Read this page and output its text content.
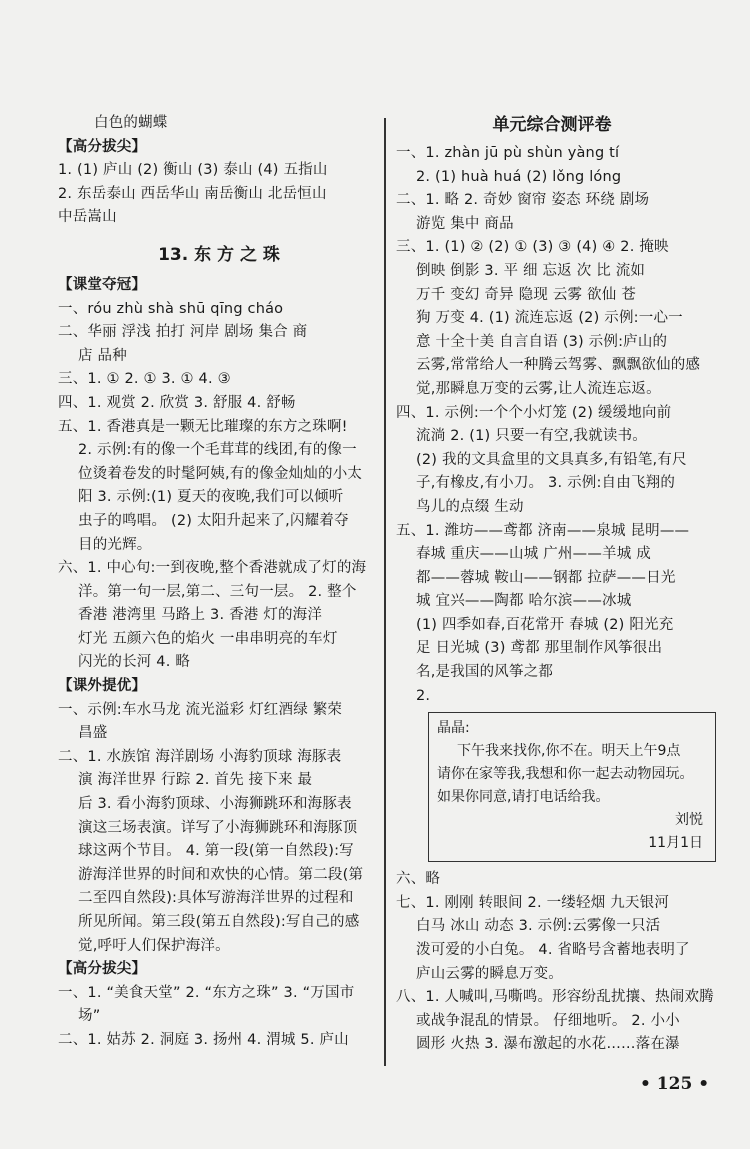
白色的蝴蝶
【高分拔尖】
1. (1) 庐山 (2) 衡山 (3) 泰山 (4) 五指山
2. 东岳泰山 西岳华山 南岳衡山 北岳恒山
中岳嵩山
13. 东 方 之 珠
【课堂夺冠】
一、róu zhù shà shū qīng cháo
二、华丽 浮浅 拍打 河岸 剧场 集合 商
店 品种
三、1. ① 2. ① 3. ① 4. ③
四、1. 观赏 2. 欣赏 3. 舒服 4. 舒畅
五、1. 香港真是一颗无比璀璨的东方之珠啊!
2. 示例:有的像一个毛茸茸的线团,有的像一
位烫着卷发的时髦阿姨,有的像金灿灿的小太
阳 3. 示例:(1) 夏天的夜晚,我们可以倾听
虫子的鸣唱。 (2) 太阳升起来了,闪耀着夺
目的光辉。
六、1. 中心句:一到夜晚,整个香港就成了灯的海
洋。第一句一层,第二、三句一层。 2. 整个
香港 港湾里 马路上 3. 香港 灯的海洋
灯光 五颜六色的焰火 一串串明亮的车灯
闪光的长河 4. 略
【课外提优】
一、示例:车水马龙 流光溢彩 灯红酒绿 繁荣
昌盛
二、1. 水族馆 海洋剧场 小海豹顶球 海豚表
演 海洋世界 行踪 2. 首先 接下来 最
后 3. 看小海豹顶球、小海狮跳环和海豚表
演这三场表演。详写了小海狮跳环和海豚顶
球这两个节目。 4. 第一段(第一自然段):写
游海洋世界的时间和欢快的心情。第二段(第
二至四自然段):具体写游海洋世界的过程和
所见所闻。第三段(第五自然段):写自己的感
觉,呼吁人们保护海洋。
【高分拔尖】
一、1. “美食天堂” 2. “东方之珠” 3. “万国市
场”
二、1. 姑苏 2. 洞庭 3. 扬州 4. 渭城 5. 庐山
单元综合测评卷
一、1. zhàn jū pù shùn yàng tí
2. (1) huà huá (2) lǒng lóng
二、1. 略 2. 奇妙 窗帘 姿态 环绕 剧场
游览 集中 商品
三、1. (1) ② (2) ① (3) ③ (4) ④ 2. 掩映
倒映 倒影 3. 平 细 忘返 次 比 流如
万千 变幻 奇异 隐现 云雾 欲仙 苍
狗 万变 4. (1) 流连忘返 (2) 示例:一心一
意 十全十美 自言自语 (3) 示例:庐山的
云雾,常常给人一种腾云驾雾、飘飘欲仙的感
觉,那瞬息万变的云雾,让人流连忘返。
四、1. 示例:一个个小灯笼 (2) 缓缓地向前
流淌 2. (1) 只要一有空,我就读书。
(2) 我的文具盒里的文具真多,有铅笔,有尺
子,有橡皮,有小刀。 3. 示例:自由飞翔的
鸟儿的点缀 生动
五、1. 潍坊——鸢都 济南——泉城 昆明——
春城 重庆——山城 广州——羊城 成
都——蓉城 鞍山——钢都 拉萨——日光
城 宜兴——陶都 哈尔滨——冰城
(1) 四季如春,百花常开 春城 (2) 阳光充
足 日光城 (3) 鸢都 那里制作风筝很出
名,是我国的风筝之都
2.
晶晶:
下午我来找你,你不在。明天上午9点
请你在家等我,我想和你一起去动物园玩。
如果你同意,请打电话给我。
刘悦
11月1日
六、略
七、1. 刚刚 转眼间 2. 一缕轻烟 九天银河
白马 冰山 动态 3. 示例:云雾像一只活
泼可爱的小白兔。 4. 省略号含蓄地表明了
庐山云雾的瞬息万变。
八、1. 人喊叫,马嘶鸣。形容纷乱扰攘、热闹欢腾
或战争混乱的情景。 仔细地听。 2. 小小
圆形 火热 3. 瀑布激起的水花……落在瀑
• 125 •
